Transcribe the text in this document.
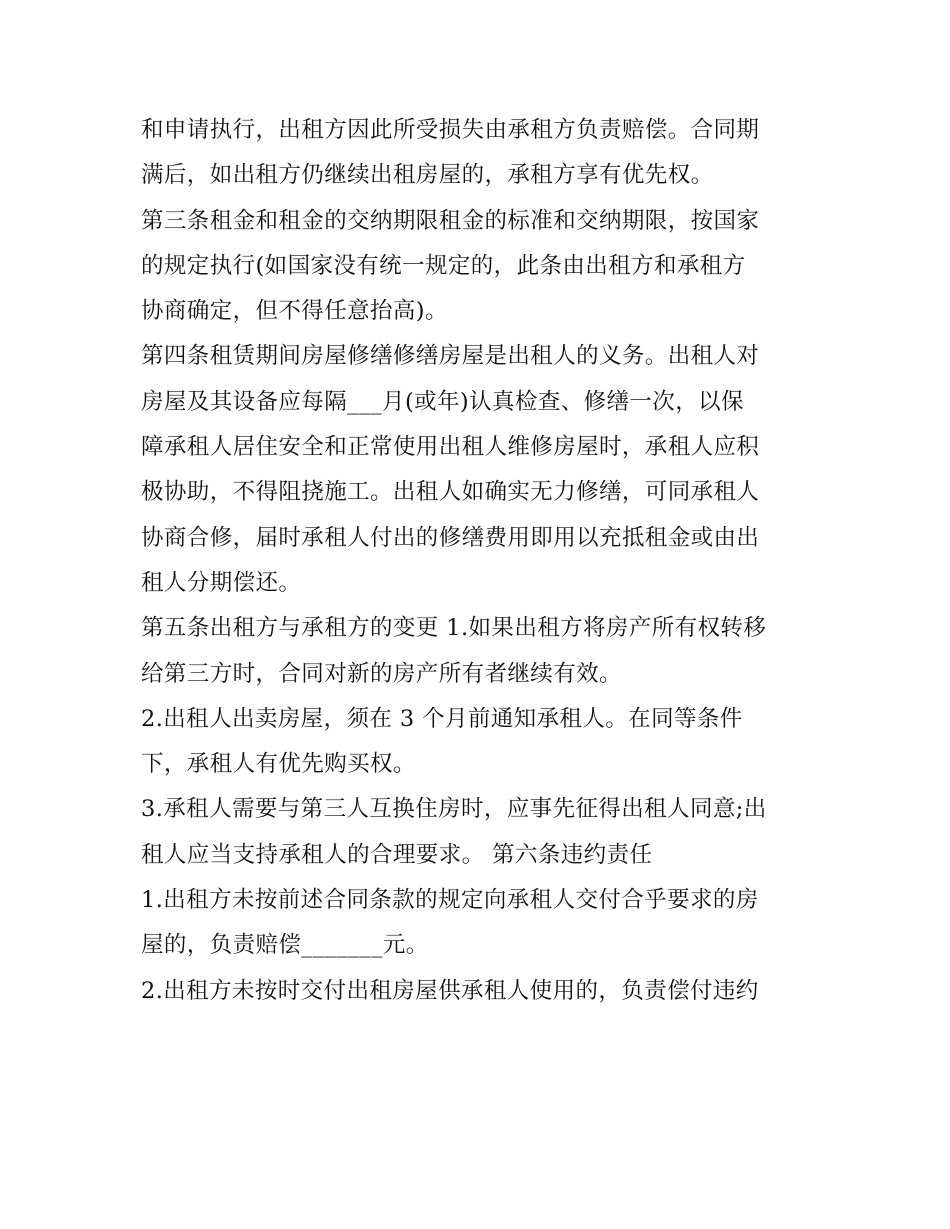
和申请执行，出租方因此所受损失由承租方负责赔偿。合同期
满后，如出租方仍继续出租房屋的，承租方享有优先权。
第三条租金和租金的交纳期限租金的标准和交纳期限，按国家
的规定执行(如国家没有统一规定的，此条由出租方和承租方
协商确定，但不得任意抬高)。
第四条租赁期间房屋修缮修缮房屋是出租人的义务。出租人对
房屋及其设备应每隔___月(或年)认真检查、修缮一次，以保
障承租人居住安全和正常使用出租人维修房屋时，承租人应积
极协助，不得阻挠施工。出租人如确实无力修缮，可同承租人
协商合修，届时承租人付出的修缮费用即用以充抵租金或由出
租人分期偿还。
第五条出租方与承租方的变更 1.如果出租方将房产所有权转移
给第三方时，合同对新的房产所有者继续有效。
2.出租人出卖房屋，须在 3 个月前通知承租人。在同等条件
下，承租人有优先购买权。
3.承租人需要与第三人互换住房时，应事先征得出租人同意;出
租人应当支持承租人的合理要求。 第六条违约责任
1.出租方未按前述合同条款的规定向承租人交付合乎要求的房
屋的，负责赔偿_______元。
2.出租方未按时交付出租房屋供承租人使用的，负责偿付违约
